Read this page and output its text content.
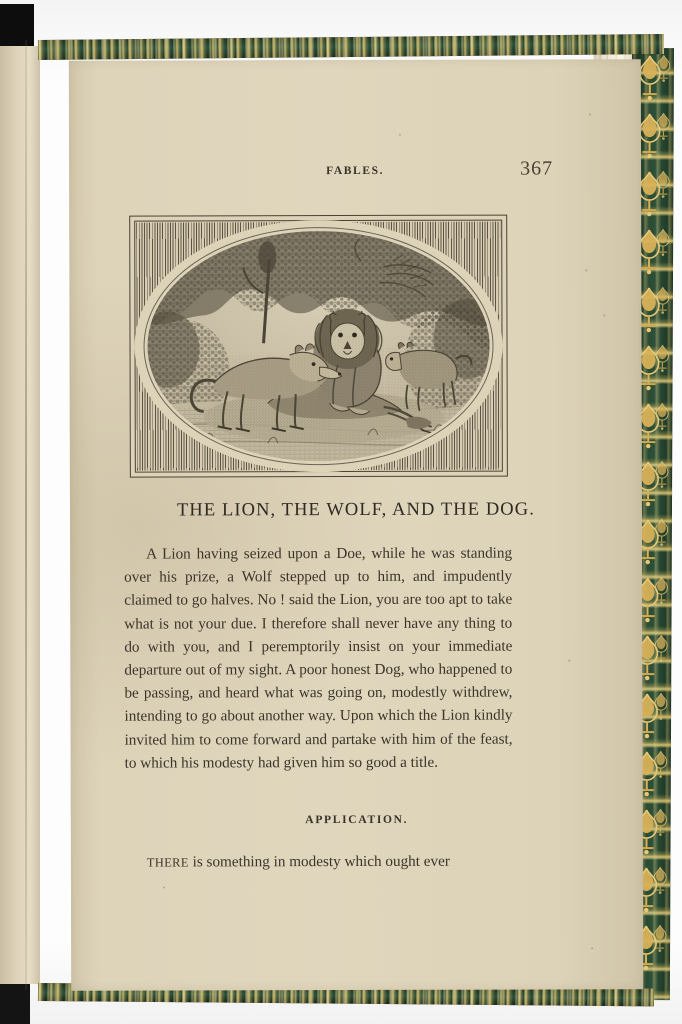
FABLES.	367
THE LION, THE WOLF, AND THE DOG.

A Lion having seized upon a Doe, while he was standing over his prize, a Wolf stepped up to him, and impudently claimed to go halves. No ! said the Lion, you are too apt to take what is not your due. I therefore shall never have any thing to do with you, and I peremptorily insist on your immediate departure out of my sight. A poor honest Dog, who happened to be passing, and heard what was going on, modestly withdrew, intending to go about another way. Upon which the Lion kindly invited him to come forward and partake with him of the feast, to which his modesty had given him so good a title.

APPLICATION.

THERE is something in modesty which ought ever
